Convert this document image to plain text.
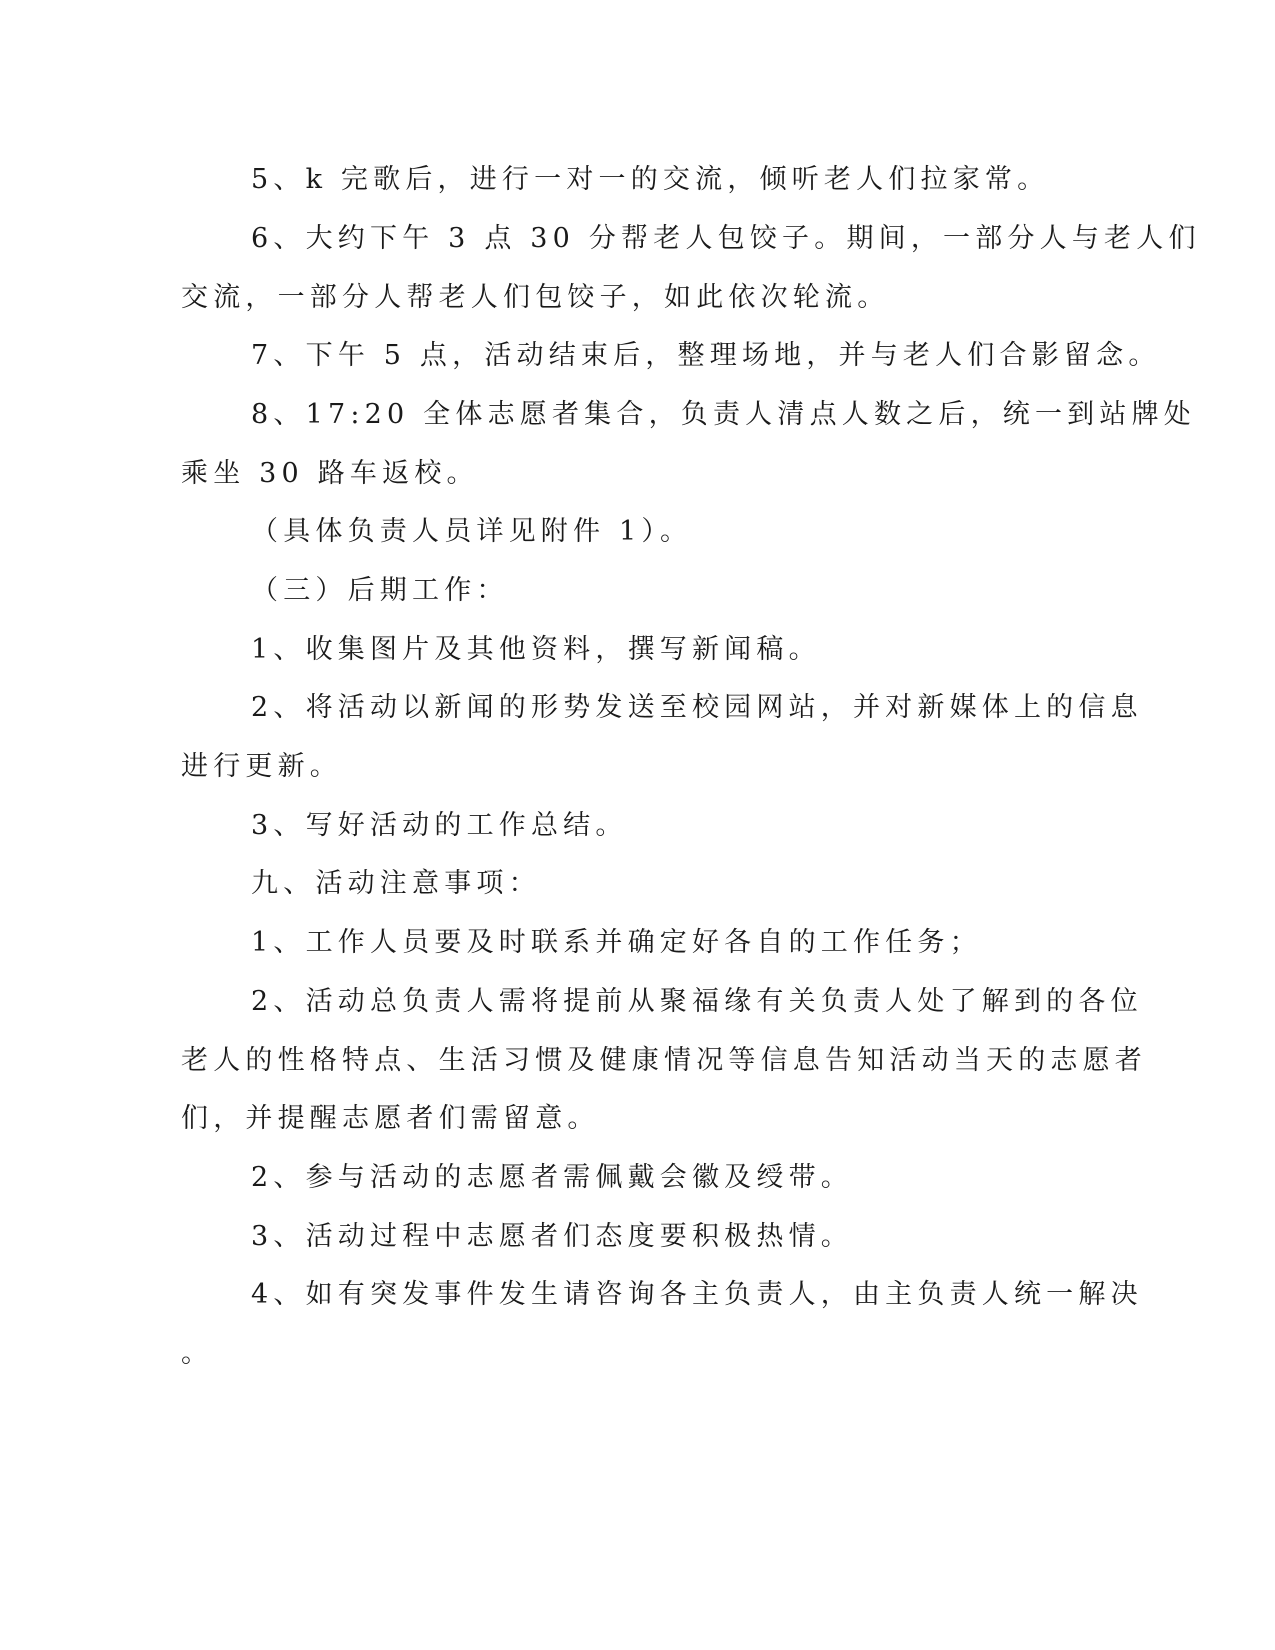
5、k 完歌后，进行一对一的交流，倾听老人们拉家常。
6、大约下午 3 点 30 分帮老人包饺子。期间，一部分人与老人们
交流，一部分人帮老人们包饺子，如此依次轮流。
7、下午 5 点，活动结束后，整理场地，并与老人们合影留念。
8、17:20 全体志愿者集合，负责人清点人数之后，统一到站牌处
乘坐 30 路车返校。
（具体负责人员详见附件 1）。
（三）后期工作：
1、收集图片及其他资料，撰写新闻稿。
2、将活动以新闻的形势发送至校园网站，并对新媒体上的信息
进行更新。
3、写好活动的工作总结。
九、活动注意事项：
1、工作人员要及时联系并确定好各自的工作任务；
2、活动总负责人需将提前从聚福缘有关负责人处了解到的各位
老人的性格特点、生活习惯及健康情况等信息告知活动当天的志愿者
们，并提醒志愿者们需留意。
2、参与活动的志愿者需佩戴会徽及绶带。
3、活动过程中志愿者们态度要积极热情。
4、如有突发事件发生请咨询各主负责人，由主负责人统一解决
。
